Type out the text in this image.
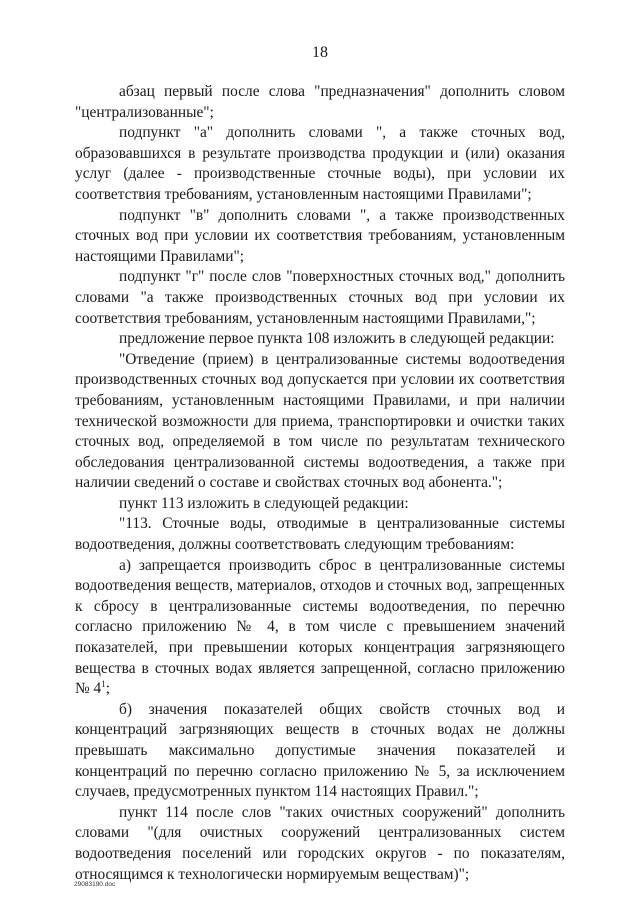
18

абзац первый после слова "предназначения" дополнить словом "централизованные";

подпункт "а" дополнить словами ", а также сточных вод, образовавшихся в результате производства продукции и (или) оказания услуг (далее - производственные сточные воды), при условии их соответствия требованиям, установленным настоящими Правилами";

подпункт "в" дополнить словами ", а также производственных сточных вод при условии их соответствия требованиям, установленным настоящими Правилами";

подпункт "г" после слов "поверхностных сточных вод," дополнить словами "а также производственных сточных вод при условии их соответствия требованиям, установленным настоящими Правилами,";

предложение первое пункта 108 изложить в следующей редакции:

"Отведение (прием) в централизованные системы водоотведения производственных сточных вод допускается при условии их соответствия требованиям, установленным настоящими Правилами, и при наличии технической возможности для приема, транспортировки и очистки таких сточных вод, определяемой в том числе по результатам технического обследования централизованной системы водоотведения, а также при наличии сведений о составе и свойствах сточных вод абонента.";

пункт 113 изложить в следующей редакции:

"113. Сточные воды, отводимые в централизованные системы водоотведения, должны соответствовать следующим требованиям:

а) запрещается производить сброс в централизованные системы водоотведения веществ, материалов, отходов и сточных вод, запрещенных к сбросу в централизованные системы водоотведения, по перечню согласно приложению № 4, в том числе с превышением значений показателей, при превышении которых концентрация загрязняющего вещества в сточных водах является запрещенной, согласно приложению № $4^1$;

б) значения показателей общих свойств сточных вод и концентраций загрязняющих веществ в сточных водах не должны превышать максимально допустимые значения показателей и концентраций по перечню согласно приложению № 5, за исключением случаев, предусмотренных пунктом 114 настоящих Правил.";

пункт 114 после слов "таких очистных сооружений" дополнить словами "(для очистных сооружений централизованных систем водоотведения поселений или городских округов - по показателям, относящимся к технологически нормируемым веществам)";

29083190.doc
